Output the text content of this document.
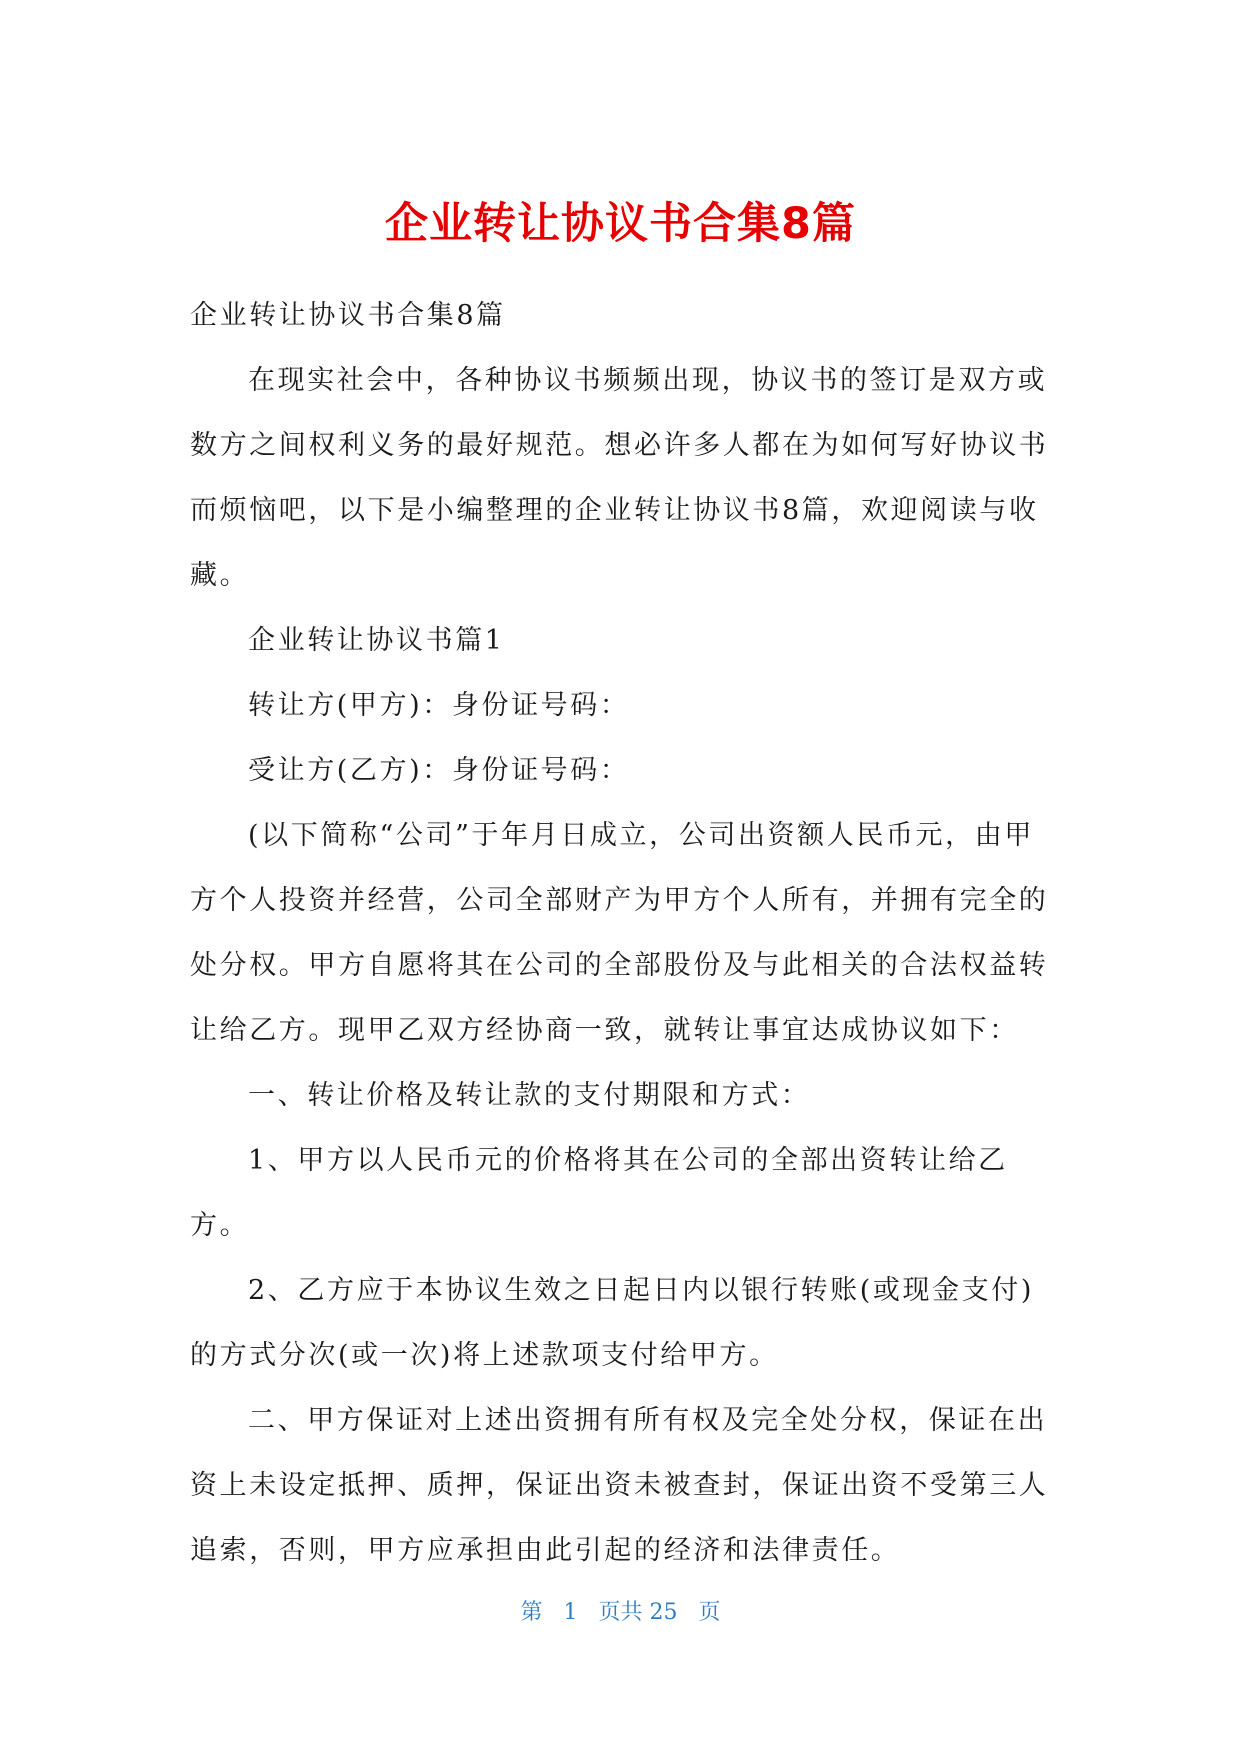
企业转让协议书合集8篇

企业转让协议书合集8篇

在现实社会中，各种协议书频频出现，协议书的签订是双方或数方之间权利义务的最好规范。想必许多人都在为如何写好协议书而烦恼吧，以下是小编整理的企业转让协议书8篇，欢迎阅读与收藏。

企业转让协议书篇1

转让方(甲方)：身份证号码：

受让方(乙方)：身份证号码：

(以下简称“公司”于年月日成立，公司出资额人民币元，由甲方个人投资并经营，公司全部财产为甲方个人所有，并拥有完全的处分权。甲方自愿将其在公司的全部股份及与此相关的合法权益转让给乙方。现甲乙双方经协商一致，就转让事宜达成协议如下：

一、转让价格及转让款的支付期限和方式：

1、甲方以人民币元的价格将其在公司的全部出资转让给乙方。

2、乙方应于本协议生效之日起日内以银行转账(或现金支付)的方式分次(或一次)将上述款项支付给甲方。

二、甲方保证对上述出资拥有所有权及完全处分权，保证在出资上未设定抵押、质押，保证出资未被查封，保证出资不受第三人追索，否则，甲方应承担由此引起的经济和法律责任。

第 1 页共 25 页
